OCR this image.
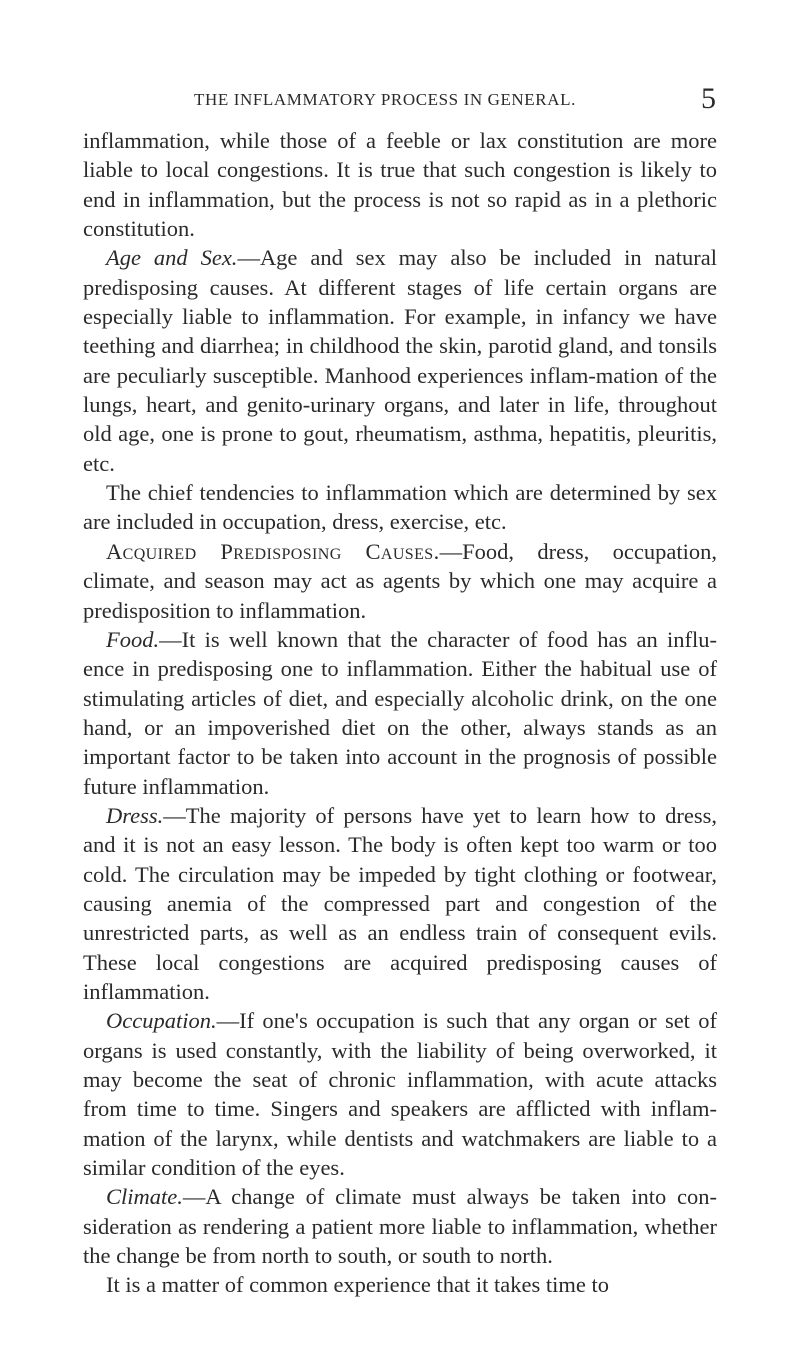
THE INFLAMMATORY PROCESS IN GENERAL.	5

inflammation, while those of a feeble or lax constitution are more liable to local congestions. It is true that such congestion is likely to end in inflammation, but the process is not so rapid as in a plethoric constitution.

Age and Sex.—Age and sex may also be included in natural predisposing causes. At different stages of life certain organs are especially liable to inflammation. For example, in infancy we have teething and diarrhea; in childhood the skin, parotid gland, and tonsils are peculiarly susceptible. Manhood experiences inflam-mation of the lungs, heart, and genito-urinary organs, and later in life, throughout old age, one is prone to gout, rheumatism, asthma, hepatitis, pleuritis, etc.

The chief tendencies to inflammation which are determined by sex are included in occupation, dress, exercise, etc.

Acquired Predisposing Causes.—Food, dress, occupation, climate, and season may act as agents by which one may acquire a predisposition to inflammation.

Food.—It is well known that the character of food has an influ-ence in predisposing one to inflammation. Either the habitual use of stimulating articles of diet, and especially alcoholic drink, on the one hand, or an impoverished diet on the other, always stands as an important factor to be taken into account in the prognosis of possible future inflammation.

Dress.—The majority of persons have yet to learn how to dress, and it is not an easy lesson. The body is often kept too warm or too cold. The circulation may be impeded by tight clothing or footwear, causing anemia of the compressed part and congestion of the unrestricted parts, as well as an endless train of consequent evils. These local congestions are acquired predisposing causes of inflammation.

Occupation.—If one's occupation is such that any organ or set of organs is used constantly, with the liability of being overworked, it may become the seat of chronic inflammation, with acute attacks from time to time. Singers and speakers are afflicted with inflam-mation of the larynx, while dentists and watchmakers are liable to a similar condition of the eyes.

Climate.—A change of climate must always be taken into con-sideration as rendering a patient more liable to inflammation, whether the change be from north to south, or south to north.

It is a matter of common experience that it takes time to
